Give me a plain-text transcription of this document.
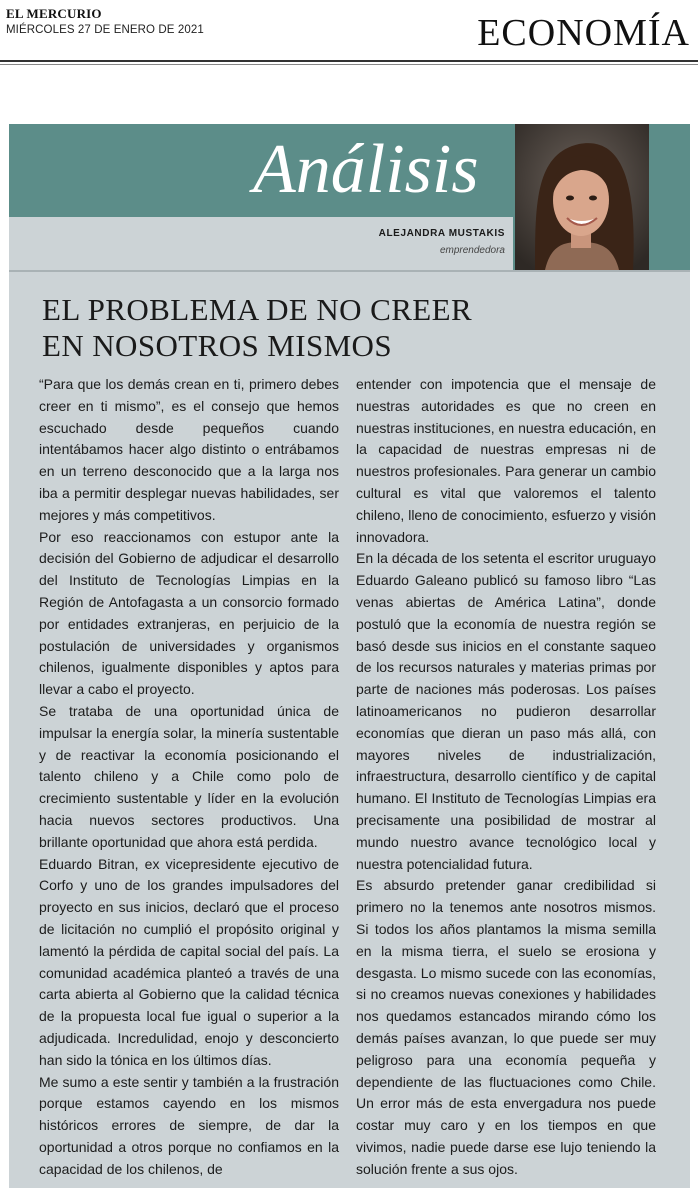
EL MERCURIO
MIÉRCOLES 27 DE ENERO DE 2021	ECONOMÍA
Análisis
ALEJANDRA MUSTAKIS
emprendedora
EL PROBLEMA DE NO CREER
EN NOSOTROS MISMOS

“Para que los demás crean en ti, primero debes creer en ti mismo”, es el consejo que hemos escuchado desde pequeños cuando intentábamos hacer algo distinto o entrábamos en un terreno desconocido que a la larga nos iba a permitir desplegar nuevas habilidades, ser mejores y más competitivos.

Por eso reaccionamos con estupor ante la decisión del Gobierno de adjudicar el desarrollo del Instituto de Tecnologías Limpias en la Región de Antofagasta a un consorcio formado por entidades extranjeras, en perjuicio de la postulación de universidades y organismos chilenos, igualmente disponibles y aptos para llevar a cabo el proyecto.

Se trataba de una oportunidad única de impulsar la energía solar, la minería sustentable y de reactivar la economía posicionando el talento chileno y a Chile como polo de crecimiento sustentable y líder en la evolución hacia nuevos sectores productivos. Una brillante oportunidad que ahora está perdida.

Eduardo Bitran, ex vicepresidente ejecutivo de Corfo y uno de los grandes impulsadores del proyecto en sus inicios, declaró que el proceso de licitación no cumplió el propósito original y lamentó la pérdida de capital social del país. La comunidad académica planteó a través de una carta abierta al Gobierno que la calidad técnica de la propuesta local fue igual o superior a la adjudicada. Incredulidad, enojo y desconcierto han sido la tónica en los últimos días.

Me sumo a este sentir y también a la frustración porque estamos cayendo en los mismos históricos errores de siempre, de dar la oportunidad a otros porque no confiamos en la capacidad de los chilenos, de

entender con impotencia que el mensaje de nuestras autoridades es que no creen en nuestras instituciones, en nuestra educación, en la capacidad de nuestras empresas ni de nuestros profesionales. Para generar un cambio cultural es vital que valoremos el talento chileno, lleno de conocimiento, esfuerzo y visión innovadora.

En la década de los setenta el escritor uruguayo Eduardo Galeano publicó su famoso libro “Las venas abiertas de América Latina”, donde postuló que la economía de nuestra región se basó desde sus inicios en el constante saqueo de los recursos naturales y materias primas por parte de naciones más poderosas. Los países latinoamericanos no pudieron desarrollar economías que dieran un paso más allá, con mayores niveles de industrialización, infraestructura, desarrollo científico y de capital humano. El Instituto de Tecnologías Limpias era precisamente una posibilidad de mostrar al mundo nuestro avance tecnológico local y nuestra potencialidad futura.

Es absurdo pretender ganar credibilidad si primero no la tenemos ante nosotros mismos. Si todos los años plantamos la misma semilla en la misma tierra, el suelo se erosiona y desgasta. Lo mismo sucede con las economías, si no creamos nuevas conexiones y habilidades nos quedamos estancados mirando cómo los demás países avanzan, lo que puede ser muy peligroso para una economía pequeña y dependiente de las fluctuaciones como Chile. Un error más de esta envergadura nos puede costar muy caro y en los tiempos en que vivimos, nadie puede darse ese lujo teniendo la solución frente a sus ojos.
